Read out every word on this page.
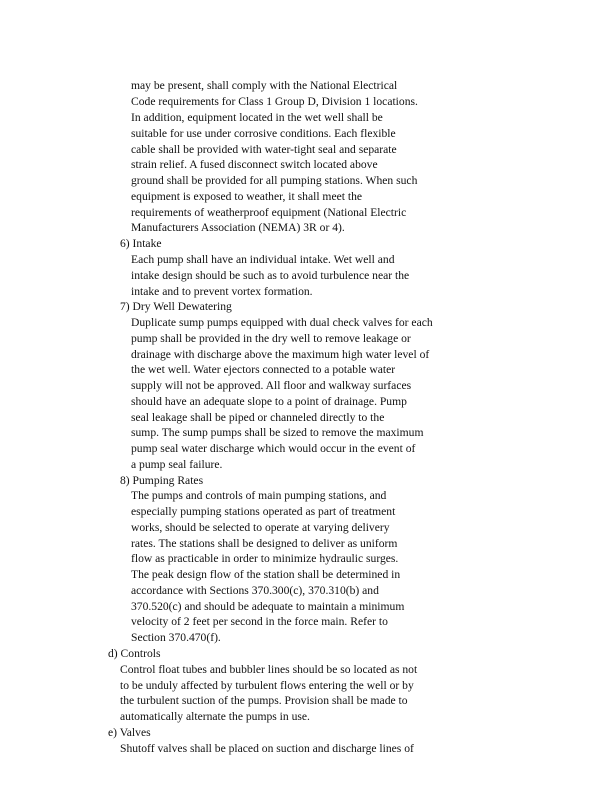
may be present, shall comply with the National Electrical
Code requirements for Class 1 Group D, Division 1 locations.
In addition, equipment located in the wet well shall be
suitable for use under corrosive conditions. Each flexible
cable shall be provided with water-tight seal and separate
strain relief. A fused disconnect switch located above
ground shall be provided for all pumping stations. When such
equipment is exposed to weather, it shall meet the
requirements of weatherproof equipment (National Electric
Manufacturers Association (NEMA) 3R or 4).
6) Intake
Each pump shall have an individual intake. Wet well and
intake design should be such as to avoid turbulence near the
intake and to prevent vortex formation.
7) Dry Well Dewatering
Duplicate sump pumps equipped with dual check valves for each
pump shall be provided in the dry well to remove leakage or
drainage with discharge above the maximum high water level of
the wet well. Water ejectors connected to a potable water
supply will not be approved. All floor and walkway surfaces
should have an adequate slope to a point of drainage. Pump
seal leakage shall be piped or channeled directly to the
sump. The sump pumps shall be sized to remove the maximum
pump seal water discharge which would occur in the event of
a pump seal failure.
8) Pumping Rates
The pumps and controls of main pumping stations, and
especially pumping stations operated as part of treatment
works, should be selected to operate at varying delivery
rates. The stations shall be designed to deliver as uniform
flow as practicable in order to minimize hydraulic surges.
The peak design flow of the station shall be determined in
accordance with Sections 370.300(c), 370.310(b) and
370.520(c) and should be adequate to maintain a minimum
velocity of 2 feet per second in the force main. Refer to
Section 370.470(f).
d) Controls
Control float tubes and bubbler lines should be so located as not
to be unduly affected by turbulent flows entering the well or by
the turbulent suction of the pumps. Provision shall be made to
automatically alternate the pumps in use.
e) Valves
Shutoff valves shall be placed on suction and discharge lines of
